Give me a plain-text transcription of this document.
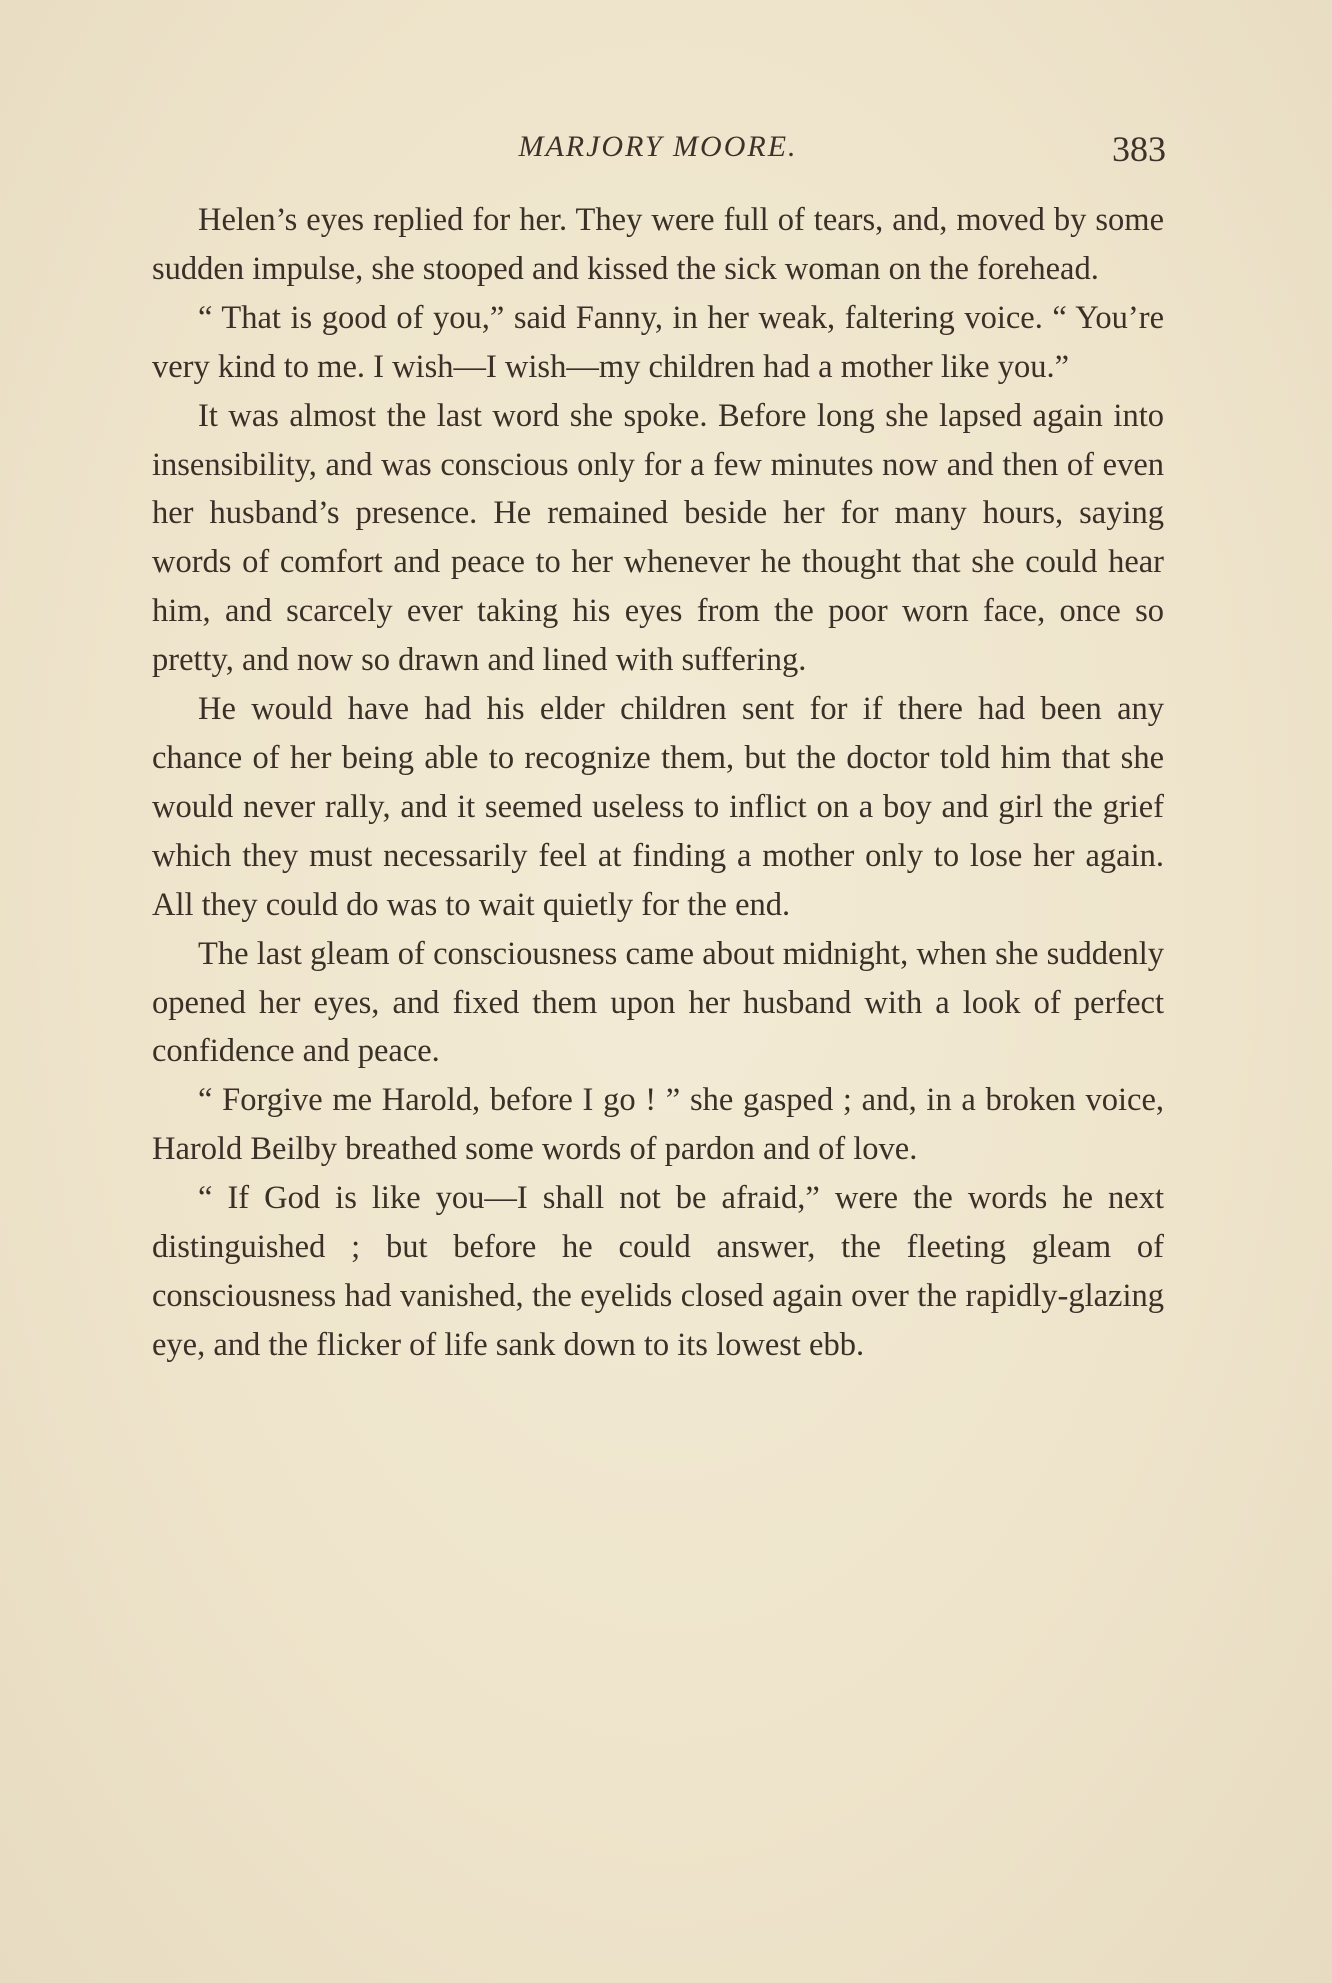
MARJORY MOORE.	383

Helen’s eyes replied for her. They were full of tears, and, moved by some sudden impulse, she stooped and kissed the sick woman on the forehead.

“ That is good of you,” said Fanny, in her weak, faltering voice. “ You’re very kind to me. I wish—I wish—my children had a mother like you.”

It was almost the last word she spoke. Before long she lapsed again into insensibility, and was conscious only for a few minutes now and then of even her husband’s presence. He remained beside her for many hours, saying words of comfort and peace to her whenever he thought that she could hear him, and scarcely ever taking his eyes from the poor worn face, once so pretty, and now so drawn and lined with suffering.

He would have had his elder children sent for if there had been any chance of her being able to recognize them, but the doctor told him that she would never rally, and it seemed useless to inflict on a boy and girl the grief which they must necessarily feel at finding a mother only to lose her again. All they could do was to wait quietly for the end.

The last gleam of consciousness came about midnight, when she suddenly opened her eyes, and fixed them upon her husband with a look of perfect confidence and peace.

“ Forgive me Harold, before I go ! ” she gasped ; and, in a broken voice, Harold Beilby breathed some words of pardon and of love.

“ If God is like you—I shall not be afraid,” were the words he next distinguished ; but before he could answer, the fleeting gleam of consciousness had vanished, the eyelids closed again over the rapidly-glazing eye, and the flicker of life sank down to its lowest ebb.
